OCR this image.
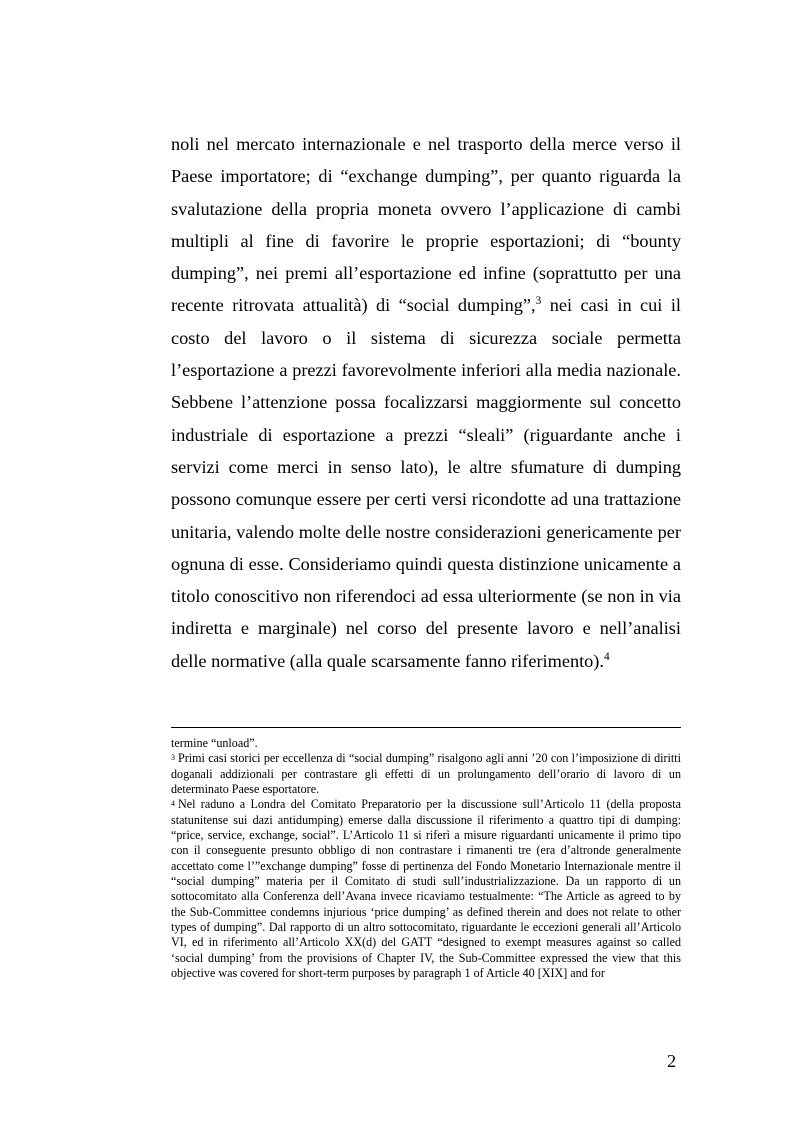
noli nel mercato internazionale e nel trasporto della merce verso il Paese importatore; di “exchange dumping”, per quanto riguarda la svalutazione della propria moneta ovvero l’applicazione di cambi multipli al fine di favorire le proprie esportazioni; di “bounty dumping”, nei premi all’esportazione ed infine (soprattutto per una recente ritrovata attualità) di “social dumping”,$^3$ nei casi in cui il costo del lavoro o il sistema di sicurezza sociale permetta l’esportazione a prezzi favorevolmente inferiori alla media nazionale. Sebbene l’attenzione possa focalizzarsi maggiormente sul concetto industriale di esportazione a prezzi “sleali” (riguardante anche i servizi come merci in senso lato), le altre sfumature di dumping possono comunque essere per certi versi ricondotte ad una trattazione unitaria, valendo molte delle nostre considerazioni genericamente per ognuna di esse. Consideriamo quindi questa distinzione unicamente a titolo conoscitivo non riferendoci ad essa ulteriormente (se non in via indiretta e marginale) nel corso del presente lavoro e nell’analisi delle normative (alla quale scarsamente fanno riferimento).$^4$

termine “unload”.

$^3$ Primi casi storici per eccellenza di “social dumping” risalgono agli anni ’20 con l’imposizione di diritti doganali addizionali per contrastare gli effetti di un prolungamento dell’orario di lavoro di un determinato Paese esportatore.

$^4$ Nel raduno a Londra del Comitato Preparatorio per la discussione sull’Articolo 11 (della proposta statunitense sui dazi antidumping) emerse dalla discussione il riferimento a quattro tipi di dumping: “price, service, exchange, social”. L’Articolo 11 si riferì a misure riguardanti unicamente il primo tipo con il conseguente presunto obbligo di non contrastare i rimanenti tre (era d’altronde generalmente accettato come l’”exchange dumping” fosse di pertinenza del Fondo Monetario Internazionale mentre il “social dumping” materia per il Comitato di studi sull’industrializzazione. Da un rapporto di un sottocomitato alla Conferenza dell’Avana invece ricaviamo testualmente: “The Article as agreed to by the Sub-Committee condemns injurious ‘price dumping’ as defined therein and does not relate to other types of dumping”. Dal rapporto di un altro sottocomitato, riguardante le eccezioni generali all’Articolo VI, ed in riferimento all’Articolo XX(d) del GATT “designed to exempt measures against so called ‘social dumping’ from the provisions of Chapter IV, the Sub-Committee expressed the view that this objective was covered for short-term purposes by paragraph 1 of Article 40 [XIX] and for

2
